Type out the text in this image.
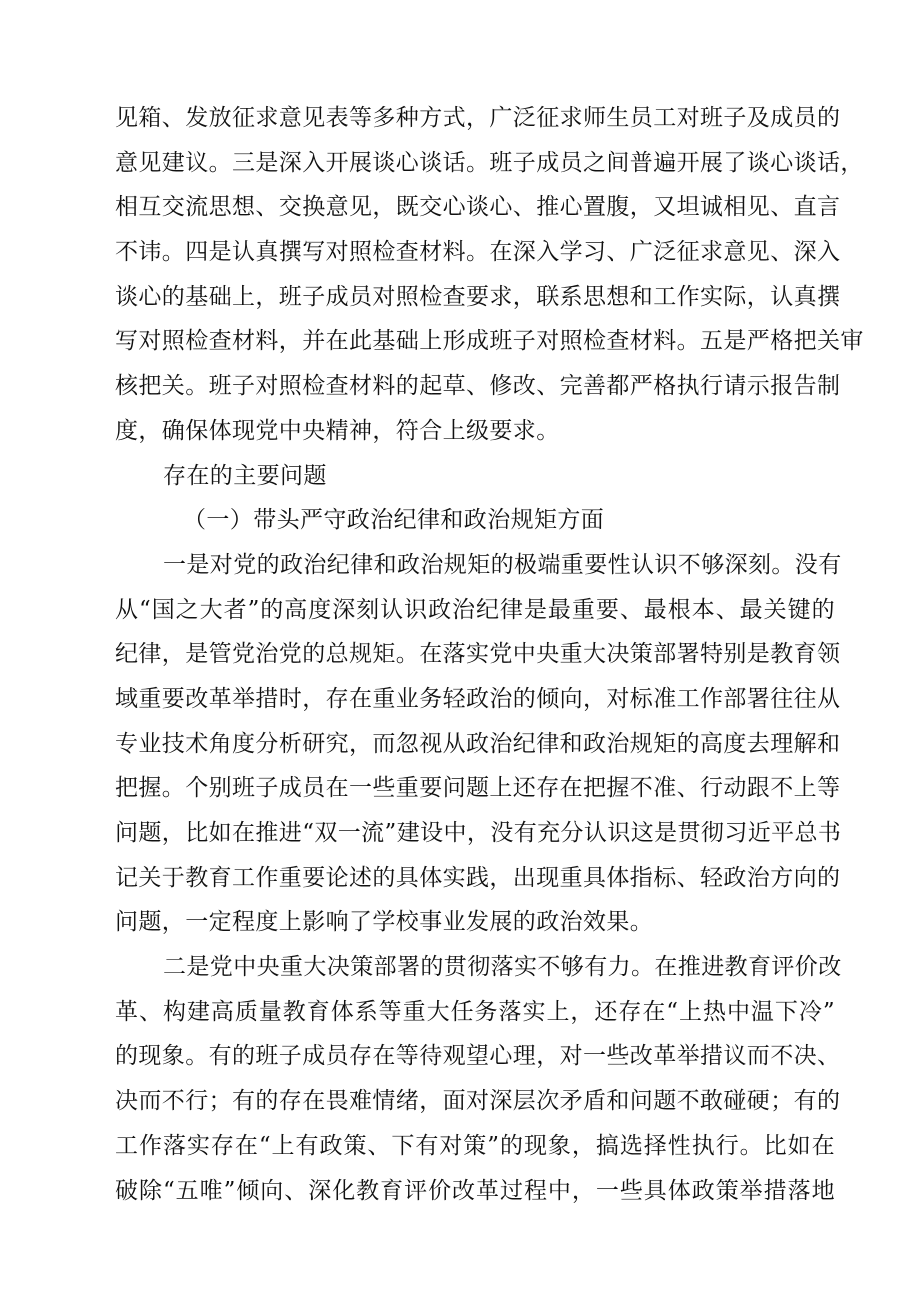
见箱、发放征求意见表等多种方式，广泛征求师生员工对班子及成员的
意见建议。三是深入开展谈心谈话。班子成员之间普遍开展了谈心谈话，
相互交流思想、交换意见，既交心谈心、推心置腹，又坦诚相见、直言
不讳。四是认真撰写对照检查材料。在深入学习、广泛征求意见、深入
谈心的基础上，班子成员对照检查要求，联系思想和工作实际，认真撰
写对照检查材料，并在此基础上形成班子对照检查材料。五是严格把关审
核把关。班子对照检查材料的起草、修改、完善都严格执行请示报告制
度，确保体现党中央精神，符合上级要求。
存在的主要问题
（一）带头严守政治纪律和政治规矩方面
一是对党的政治纪律和政治规矩的极端重要性认识不够深刻。没有
从“国之大者”的高度深刻认识政治纪律是最重要、最根本、最关键的
纪律，是管党治党的总规矩。在落实党中央重大决策部署特别是教育领
域重要改革举措时，存在重业务轻政治的倾向，对标准工作部署往往从
专业技术角度分析研究，而忽视从政治纪律和政治规矩的高度去理解和
把握。个别班子成员在一些重要问题上还存在把握不准、行动跟不上等
问题，比如在推进“双一流”建设中，没有充分认识这是贯彻习近平总书
记关于教育工作重要论述的具体实践，出现重具体指标、轻政治方向的
问题，一定程度上影响了学校事业发展的政治效果。
二是党中央重大决策部署的贯彻落实不够有力。在推进教育评价改
革、构建高质量教育体系等重大任务落实上，还存在“上热中温下冷”
的现象。有的班子成员存在等待观望心理，对一些改革举措议而不决、
决而不行；有的存在畏难情绪，面对深层次矛盾和问题不敢碰硬；有的
工作落实存在“上有政策、下有对策”的现象，搞选择性执行。比如在
破除“五唯”倾向、深化教育评价改革过程中，一些具体政策举措落地
